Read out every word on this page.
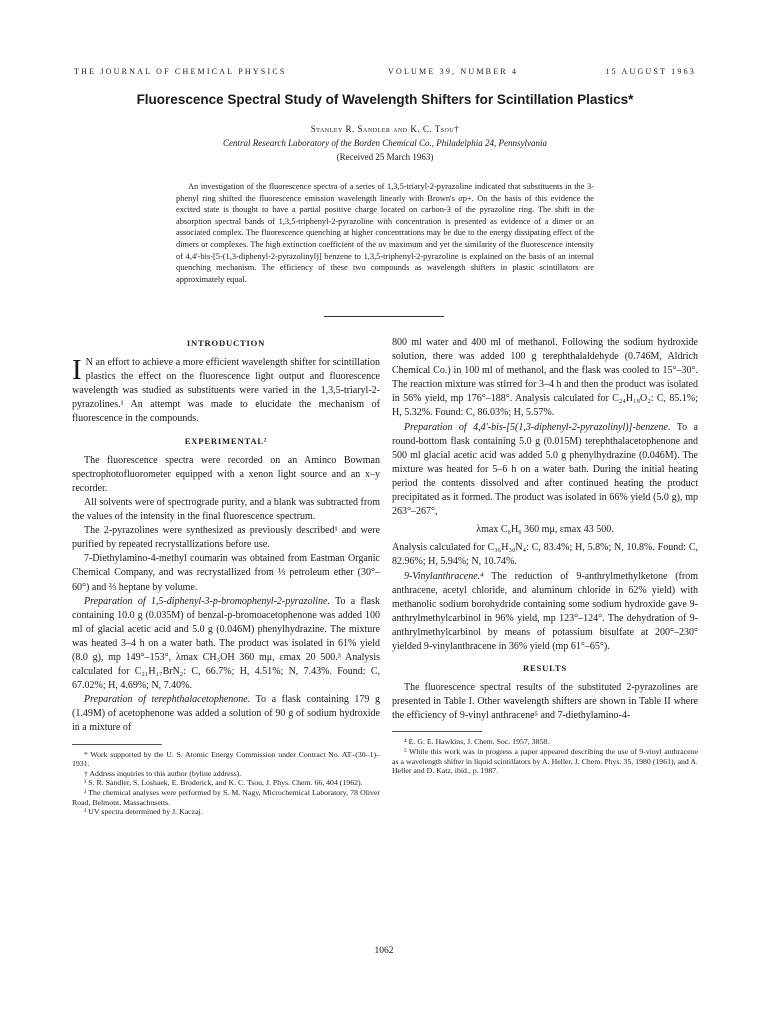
THE JOURNAL OF CHEMICAL PHYSICS	VOLUME 39, NUMBER 4	15 AUGUST 1963
Fluorescence Spectral Study of Wavelength Shifters for Scintillation Plastics*
Stanley R. Sandler and K. C. Tsou†
Central Research Laboratory of the Borden Chemical Co., Philadelphia 24, Pennsylvania
(Received 25 March 1963)
An investigation of the fluorescence spectra of a series of 1,3,5-triaryl-2-pyrazoline indicated that substituents in the 3-phenyl ring shifted the fluorescence emission wavelength linearly with Brown's σp+. On the basis of this evidence the excited state is thought to have a partial positive charge located on carbon-3 of the pyrazoline ring. The shift in the absorption spectral bands of 1,3,5-triphenyl-2-pyrazoline with concentration is presented as evidence of a dimer or an associated complex. The fluorescence quenching at higher concentrations may be due to the energy dissipating effect of the dimers or complexes. The high extinction coefficient of the uv maximum and yet the similarity of the fluorescence intensity of 4,4'-bis-[5-(1,3-diphenyl-2-pyrazolinyl)] benzene to 1,3,5-triphenyl-2-pyrazoline is explained on the basis of an internal quenching mechanism. The efficiency of these two compounds as wavelength shifters in plastic scintillators are approximately equal.
INTRODUCTION

I N an effort to achieve a more efficient wavelength shifter for scintillation plastics the effect on the fluorescence light output and fluorescence wavelength was studied as substituents were varied in the 1,3,5-triaryl-2-pyrazolines.¹ An attempt was made to elucidate the mechanism of fluorescence in the compounds.

EXPERIMENTAL²

The fluorescence spectra were recorded on an Aminco Bowman spectrophotofluorometer equipped with a xenon light source and an x–y recorder.

All solvents were of spectrograde purity, and a blank was subtracted from the values of the intensity in the final fluorescence spectrum.

The 2-pyrazolines were synthesized as previously described¹ and were purified by repeated recrystallizations before use.

7-Diethylamino-4-methyl coumarin was obtained from Eastman Organic Chemical Company, and was recrystallized from ⅓ petroleum ether (30°–60°) and ⅔ heptane by volume.

Preparation of 1,5-diphenyl-3-p-bromophenyl-2-pyrazoline. To a flask containing 10.0 g (0.035M) of benzal-p-bromoacetophenone was added 100 ml of glacial acetic acid and 5.0 g (0.046M) phenylhydrazine. The mixture was heated 3–4 h on a water bath. The product was isolated in 61% yield (8.0 g), mp 149°–153°, λmax CH₃OH 360 mμ, εmax 20 500.³ Analysis calculated for C₂₁H₁₇BrN₂: C, 66.7%; H, 4.51%; N, 7.43%. Found: C, 67.02%; H, 4.69%; N, 7.40%.

Preparation of terephthalacetophenone. To a flask containing 179 g (1.49M) of acetophenone was added a solution of 90 g of sodium hydroxide in a mixture of

* Work supported by the U. S. Atomic Energy Commission under Contract No. AT–(30–1)–1931.

† Address inquiries to this author (byline address).

¹ S. R. Sandler, S. Loshaek, E. Broderick, and K. C. Tsou, J. Phys. Chem. 66, 404 (1962).

² The chemical analyses were performed by S. M. Nagy, Microchemical Laboratory, 78 Oliver Road, Belmont, Massachusetts.

³ UV spectra determined by J. Kaczaj.

800 ml water and 400 ml of methanol. Following the sodium hydroxide solution, there was added 100 g terephthalaldehyde (0.746M, Aldrich Chemical Co.) in 100 ml of methanol, and the flask was cooled to 15°–30°. The reaction mixture was stirred for 3–4 h and then the product was isolated in 56% yield, mp 176°–188°. Analysis calculated for C₂₄H₁₈O₂: C, 85.1%; H, 5.32%. Found: C, 86.03%; H, 5.57%.

Preparation of 4,4'-bis-[5(1,3-diphenyl-2-pyrazolinyl)]-benzene. To a round-bottom flask containing 5.0 g (0.015M) terephthalacetophenone and 500 ml glacial acetic acid was added 5.0 g phenylhydrazine (0.046M). The mixture was heated for 5–6 h on a water bath. During the initial heating period the contents dissolved and after continued heating the product precipitated as it formed. The product was isolated in 66% yield (5.0 g), mp 263°–267°,

λmax C₆H₆ 360 mμ, εmax 43 500.

Analysis calculated for C₃₆H₃₀N₄: C, 83.4%; H, 5.8%; N, 10.8%. Found: C, 82.96%; H, 5.94%; N, 10.74%.

9-Vinylanthracene.⁴ The reduction of 9-anthrylmethylketone (from anthracene, acetyl chloride, and aluminum chloride in 62% yield) with methanolic sodium borohydride containing some sodium hydroxide gave 9-anthrylmethylcarbinol in 96% yield, mp 123°–124°. The dehydration of 9-anthrylmethylcarbinol by means of potassium bisulfate at 200°–230° yielded 9-vinylanthracene in 36% yield (mp 61°–65°).

RESULTS

The fluorescence spectral results of the substituted 2-pyrazolines are presented in Table I. Other wavelength shifters are shown in Table II where the efficiency of 9-vinyl anthracene⁵ and 7-diethylamino-4-

⁴ E. G. E. Hawkins, J. Chem. Soc. 1957, 3858.

⁵ While this work was in progress a paper appeared describing the use of 9-vinyl anthracene as a wavelength shifter in liquid scintillators by A. Heller, J. Chem. Phys. 35, 1980 (1961), and A. Heller and D. Katz, ibid., p. 1987.

1062
